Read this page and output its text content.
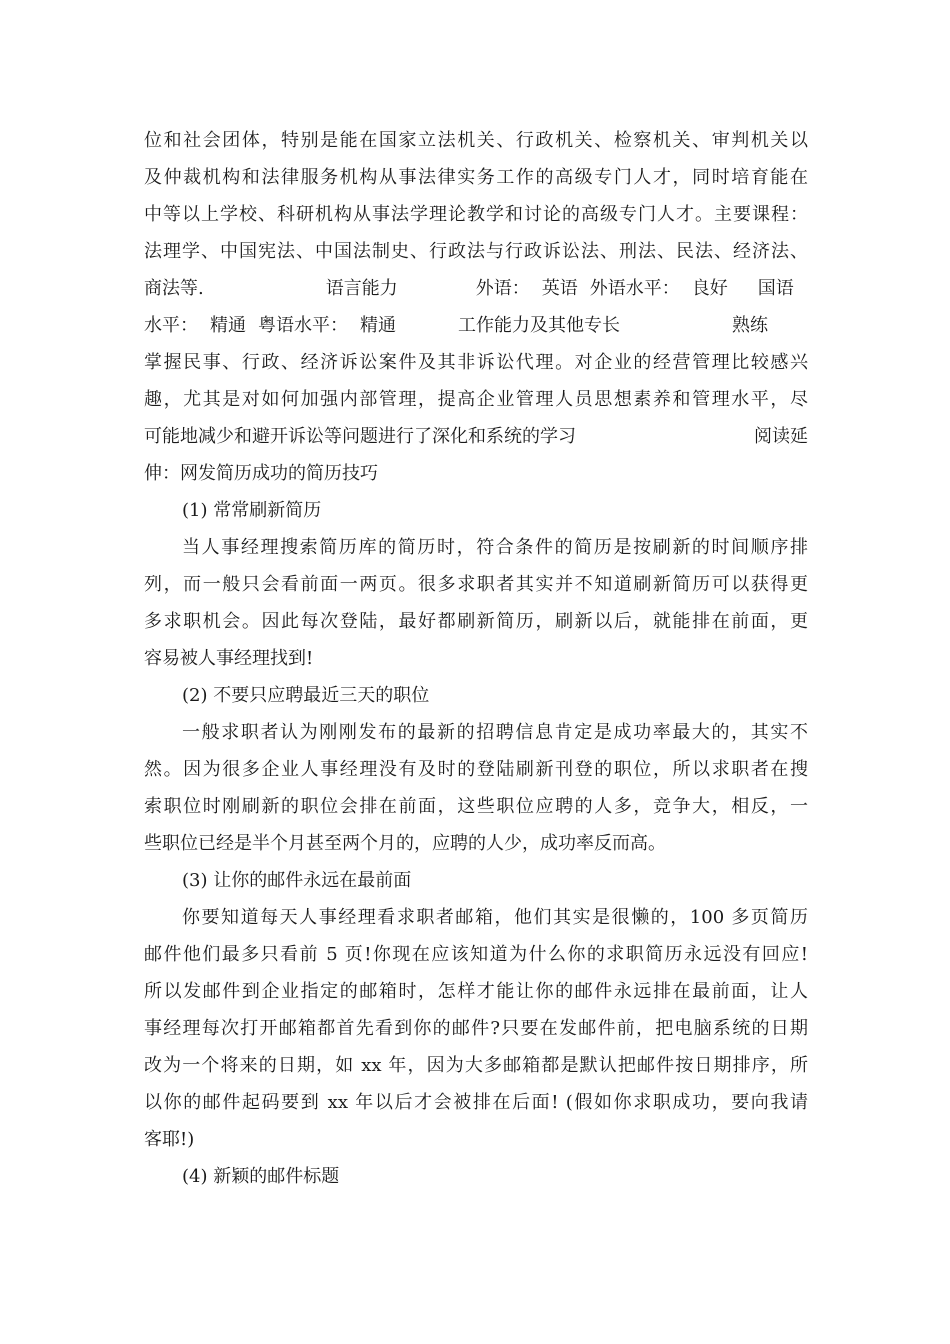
位和社会团体，特别是能在国家立法机关、行政机关、检察机关、审判机关以
及仲裁机构和法律服务机构从事法律实务工作的高级专门人才，同时培育能在
中等以上学校、科研机构从事法学理论教学和讨论的高级专门人才。主要课程：
法理学、中国宪法、中国法制史、行政法与行政诉讼法、刑法、民法、经济法、
商法等.	语言能力	外语： 英语 外语水平： 良好 国语
水平： 精通 粤语水平： 精通	工作能力及其他专长	熟练
掌握民事、行政、经济诉讼案件及其非诉讼代理。对企业的经营管理比较感兴
趣，尤其是对如何加强内部管理，提高企业管理人员思想素养和管理水平，尽
可能地减少和避开诉讼等问题进行了深化和系统的学习	阅读延
伸：网发简历成功的简历技巧
(1) 常常刷新简历
当人事经理搜索简历库的简历时，符合条件的简历是按刷新的时间顺序排
列，而一般只会看前面一两页。很多求职者其实并不知道刷新简历可以获得更
多求职机会。因此每次登陆，最好都刷新简历，刷新以后，就能排在前面，更
容易被人事经理找到!
(2) 不要只应聘最近三天的职位
一般求职者认为刚刚发布的最新的招聘信息肯定是成功率最大的，其实不
然。因为很多企业人事经理没有及时的登陆刷新刊登的职位，所以求职者在搜
索职位时刚刷新的职位会排在前面，这些职位应聘的人多，竞争大，相反，一
些职位已经是半个月甚至两个月的，应聘的人少，成功率反而高。
(3) 让你的邮件永远在最前面
你要知道每天人事经理看求职者邮箱，他们其实是很懒的，100 多页简历
邮件他们最多只看前 5 页!你现在应该知道为什么你的求职简历永远没有回应!
所以发邮件到企业指定的邮箱时，怎样才能让你的邮件永远排在最前面，让人
事经理每次打开邮箱都首先看到你的邮件?只要在发邮件前，把电脑系统的日期
改为一个将来的日期，如 xx 年，因为大多邮箱都是默认把邮件按日期排序，所
以你的邮件起码要到 xx 年以后才会被排在后面! (假如你求职成功，要向我请
客耶!)
(4) 新颖的邮件标题
